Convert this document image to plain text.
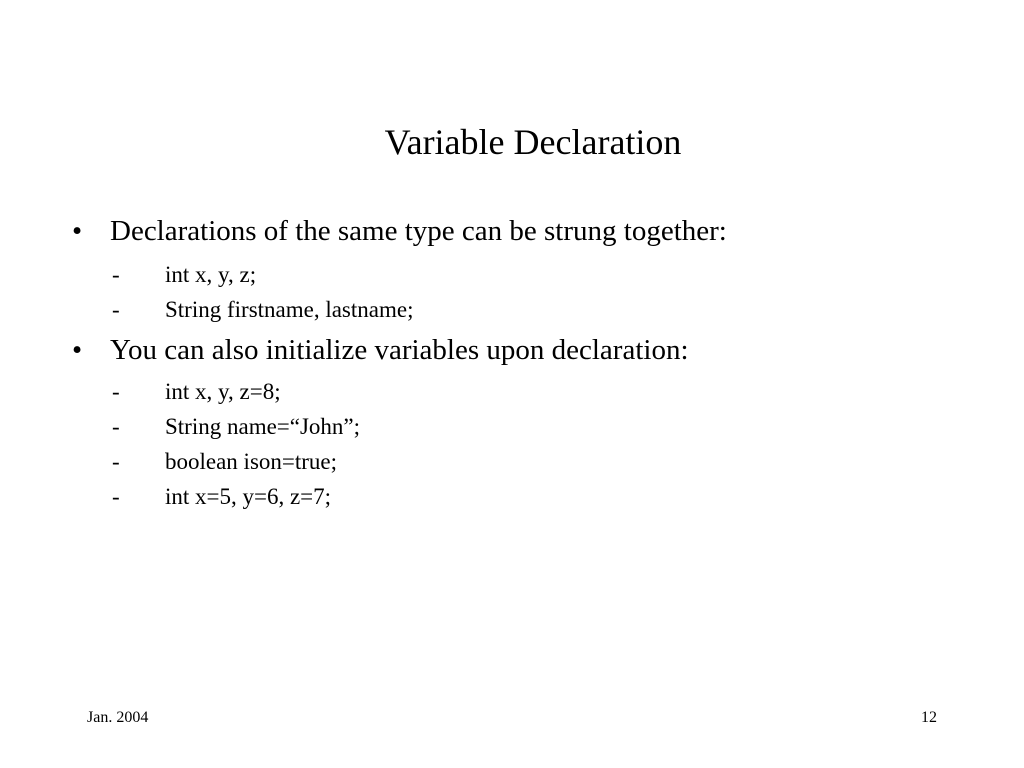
Variable Declaration
• Declarations of the same type can be strung together:
- int x, y, z;
- String firstname, lastname;
• You can also initialize variables upon declaration:
- int x, y, z=8;
- String name=“John”;
- boolean ison=true;
- int x=5, y=6, z=7;
Jan. 2004	12
